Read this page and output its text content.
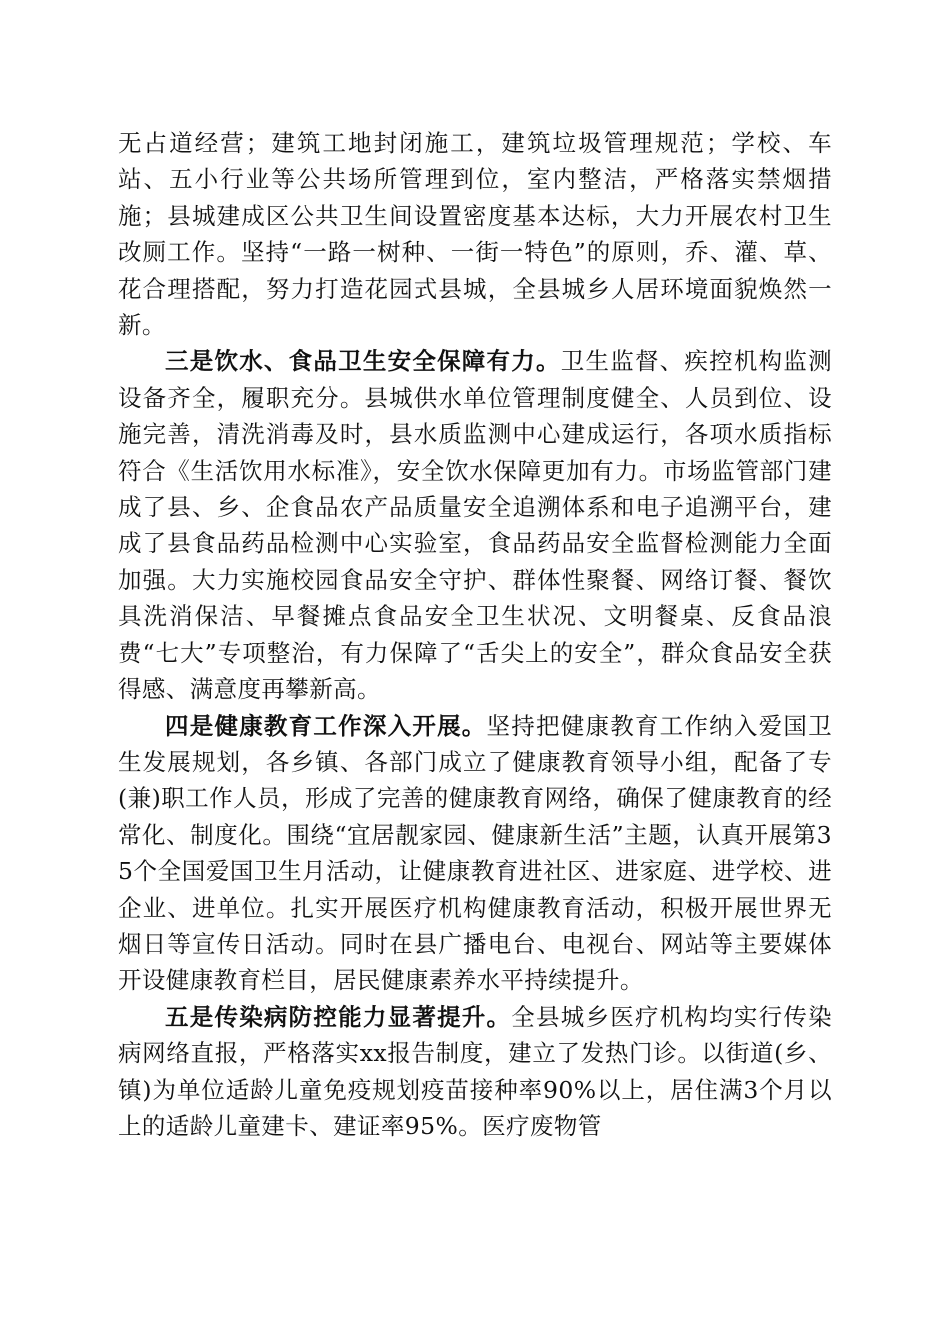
无占道经营；建筑工地封闭施工，建筑垃圾管理规范；学校、车站、五小行业等公共场所管理到位，室内整洁，严格落实禁烟措施；县城建成区公共卫生间设置密度基本达标，大力开展农村卫生改厕工作。坚持“一路一树种、一街一特色”的原则，乔、灌、草、花合理搭配，努力打造花园式县城，全县城乡人居环境面貌焕然一新。

三是饮水、食品卫生安全保障有力。卫生监督、疾控机构监测设备齐全，履职充分。县城供水单位管理制度健全、人员到位、设施完善，清洗消毒及时，县水质监测中心建成运行，各项水质指标符合《生活饮用水标准》，安全饮水保障更加有力。市场监管部门建成了县、乡、企食品农产品质量安全追溯体系和电子追溯平台，建成了县食品药品检测中心实验室，食品药品安全监督检测能力全面加强。大力实施校园食品安全守护、群体性聚餐、网络订餐、餐饮具洗消保洁、早餐摊点食品安全卫生状况、文明餐桌、反食品浪费“七大”专项整治，有力保障了“舌尖上的安全”，群众食品安全获得感、满意度再攀新高。

四是健康教育工作深入开展。坚持把健康教育工作纳入爱国卫生发展规划，各乡镇、各部门成立了健康教育领导小组，配备了专(兼)职工作人员，形成了完善的健康教育网络，确保了健康教育的经常化、制度化。围绕“宜居靓家园、健康新生活”主题，认真开展第35个全国爱国卫生月活动，让健康教育进社区、进家庭、进学校、进企业、进单位。扎实开展医疗机构健康教育活动，积极开展世界无烟日等宣传日活动。同时在县广播电台、电视台、网站等主要媒体开设健康教育栏目，居民健康素养水平持续提升。

五是传染病防控能力显著提升。全县城乡医疗机构均实行传染病网络直报，严格落实xx报告制度，建立了发热门诊。以街道(乡、镇)为单位适龄儿童免疫规划疫苗接种率90%以上，居住满3个月以上的适龄儿童建卡、建证率95%。医疗废物管
